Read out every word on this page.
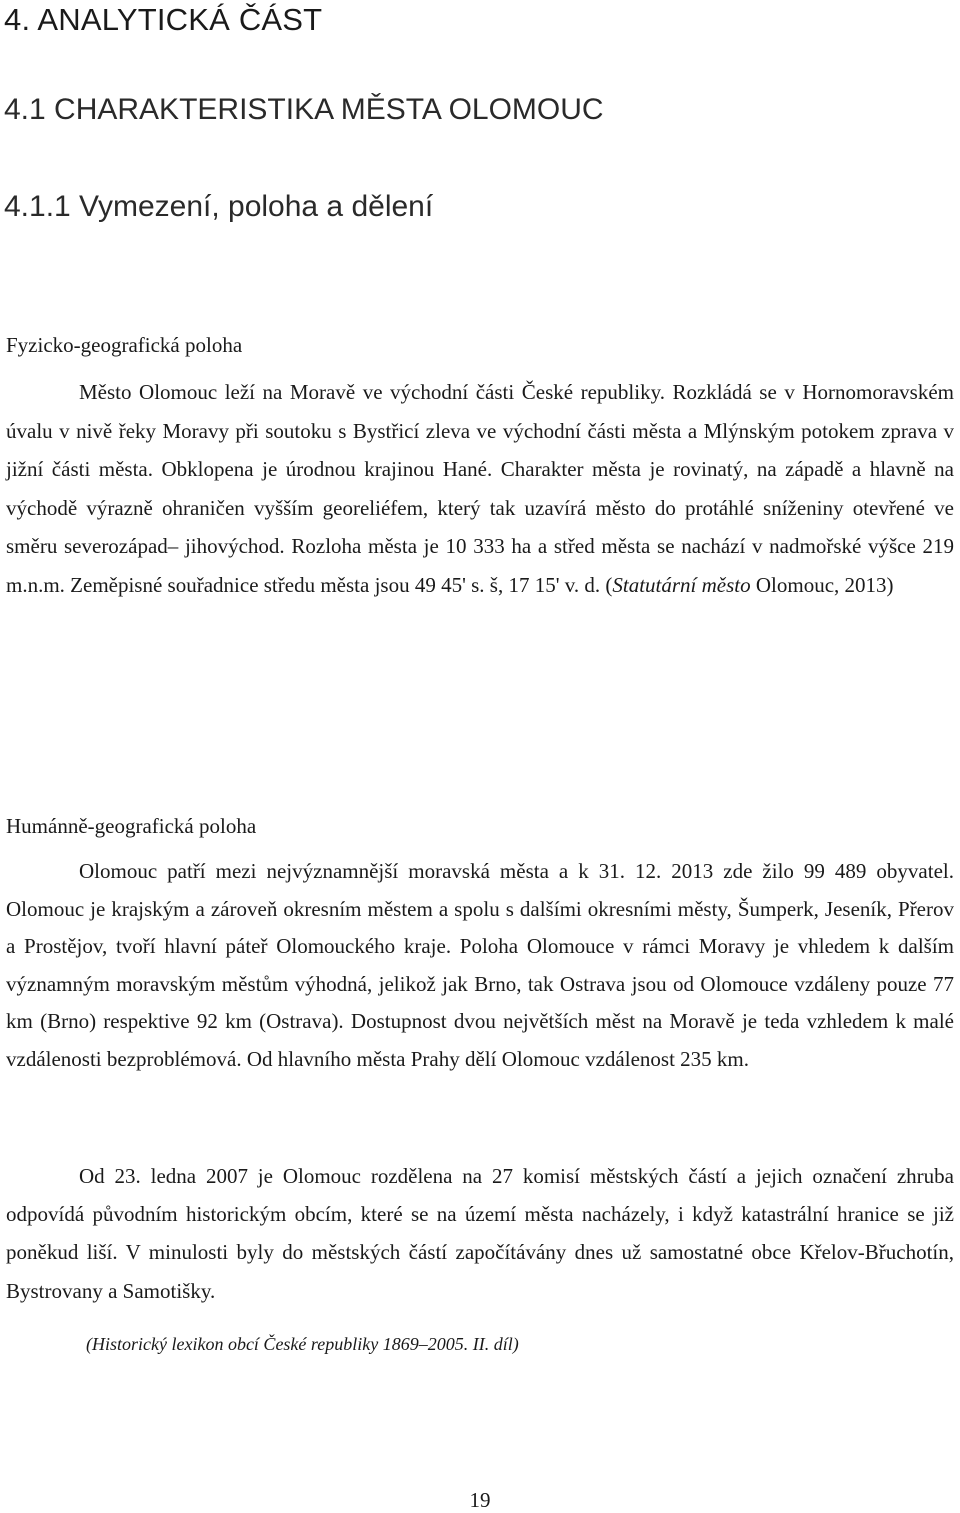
4. ANALYTICKÁ ČÁST
4.1 CHARAKTERISTIKA MĚSTA OLOMOUC
4.1.1 Vymezení, poloha a dělení
Fyzicko-geografická poloha

Město Olomouc leží na Moravě ve východní části České republiky. Rozkládá se v Hornomoravském úvalu v nivě řeky Moravy při soutoku s Bystřicí zleva ve východní části města a Mlýnským potokem zprava v jižní části města. Obklopena je úrodnou krajinou Hané. Charakter města je rovinatý, na západě a hlavně na východě výrazně ohraničen vyšším georeliéfem, který tak uzavírá město do protáhlé sníženiny otevřené ve směru severozápad– jihovýchod. Rozloha města je 10 333 ha a střed města se nachází v nadmořské výšce 219 m.n.m. Zeměpisné souřadnice středu města jsou 49 45' s. š, 17 15' v. d. (Statutární město Olomouc, 2013)

Humánně-geografická poloha

Olomouc patří mezi nejvýznamnější moravská města a k 31. 12. 2013 zde žilo 99 489 obyvatel. Olomouc je krajským a zároveň okresním městem a spolu s dalšími okresními městy, Šumperk, Jeseník, Přerov a Prostějov, tvoří hlavní páteř Olomouckého kraje. Poloha Olomouce v rámci Moravy je vhledem k dalším významným moravským městům výhodná, jelikož jak Brno, tak Ostrava jsou od Olomouce vzdáleny pouze 77 km (Brno) respektive 92 km (Ostrava). Dostupnost dvou největších měst na Moravě je teda vzhledem k malé vzdálenosti bezproblémová. Od hlavního města Prahy dělí Olomouc vzdálenost 235 km.

Od 23. ledna 2007 je Olomouc rozdělena na 27 komisí městských částí a jejich označení zhruba odpovídá původním historickým obcím, které se na území města nacházely, i když katastrální hranice se již poněkud liší. V minulosti byly do městských částí započítávány dnes už samostatné obce Křelov-Břuchotín, Bystrovany a Samotišky.

(Historický lexikon obcí České republiky 1869–2005. II. díl)
19
